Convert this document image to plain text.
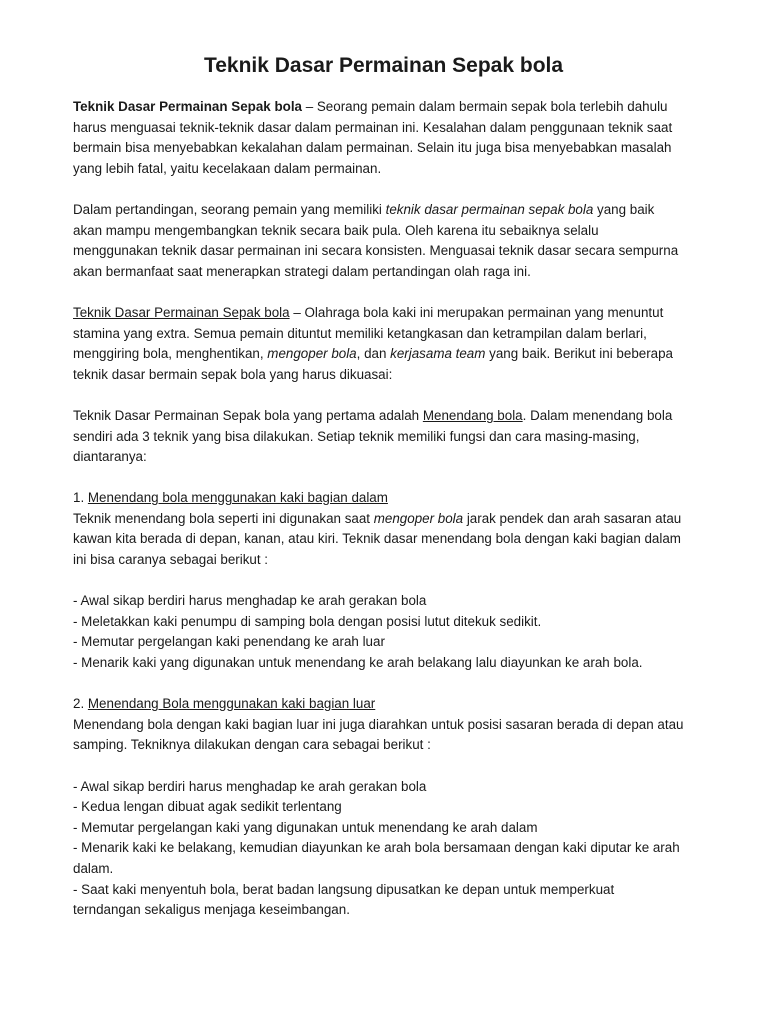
Teknik Dasar Permainan Sepak bola

Teknik Dasar Permainan Sepak bola – Seorang pemain dalam bermain sepak bola terlebih dahulu
harus menguasai teknik-teknik dasar dalam permainan ini. Kesalahan dalam penggunaan teknik saat
bermain bisa menyebabkan kekalahan dalam permainan. Selain itu juga bisa menyebabkan masalah
yang lebih fatal, yaitu kecelakaan dalam permainan.

Dalam pertandingan, seorang pemain yang memiliki teknik dasar permainan sepak bola yang baik
akan mampu mengembangkan teknik secara baik pula. Oleh karena itu sebaiknya selalu
menggunakan teknik dasar permainan ini secara konsisten. Menguasai teknik dasar secara sempurna
akan bermanfaat saat menerapkan strategi dalam pertandingan olah raga ini.

Teknik Dasar Permainan Sepak bola – Olahraga bola kaki ini merupakan permainan yang menuntut
stamina yang extra. Semua pemain dituntut memiliki ketangkasan dan ketrampilan dalam berlari,
menggiring bola, menghentikan, mengoper bola, dan kerjasama team yang baik. Berikut ini beberapa
teknik dasar bermain sepak bola yang harus dikuasai:

Teknik Dasar Permainan Sepak bola yang pertama adalah Menendang bola. Dalam menendang bola
sendiri ada 3 teknik yang bisa dilakukan. Setiap teknik memiliki fungsi dan cara masing-masing,
diantaranya:

1. Menendang bola menggunakan kaki bagian dalam
Teknik menendang bola seperti ini digunakan saat mengoper bola jarak pendek dan arah sasaran atau
kawan kita berada di depan, kanan, atau kiri. Teknik dasar menendang bola dengan kaki bagian dalam
ini bisa caranya sebagai berikut :

- Awal sikap berdiri harus menghadap ke arah gerakan bola
- Meletakkan kaki penumpu di samping bola dengan posisi lutut ditekuk sedikit.
- Memutar pergelangan kaki penendang ke arah luar
- Menarik kaki yang digunakan untuk menendang ke arah belakang lalu diayunkan ke arah bola.

2. Menendang Bola menggunakan kaki bagian luar
Menendang bola dengan kaki bagian luar ini juga diarahkan untuk posisi sasaran berada di depan atau
samping. Tekniknya dilakukan dengan cara sebagai berikut :

- Awal sikap berdiri harus menghadap ke arah gerakan bola
- Kedua lengan dibuat agak sedikit terlentang
- Memutar pergelangan kaki yang digunakan untuk menendang ke arah dalam
- Menarik kaki ke belakang, kemudian diayunkan ke arah bola bersamaan dengan kaki diputar ke arah
dalam.
- Saat kaki menyentuh bola, berat badan langsung dipusatkan ke depan untuk memperkuat
terndangan sekaligus menjaga keseimbangan.
